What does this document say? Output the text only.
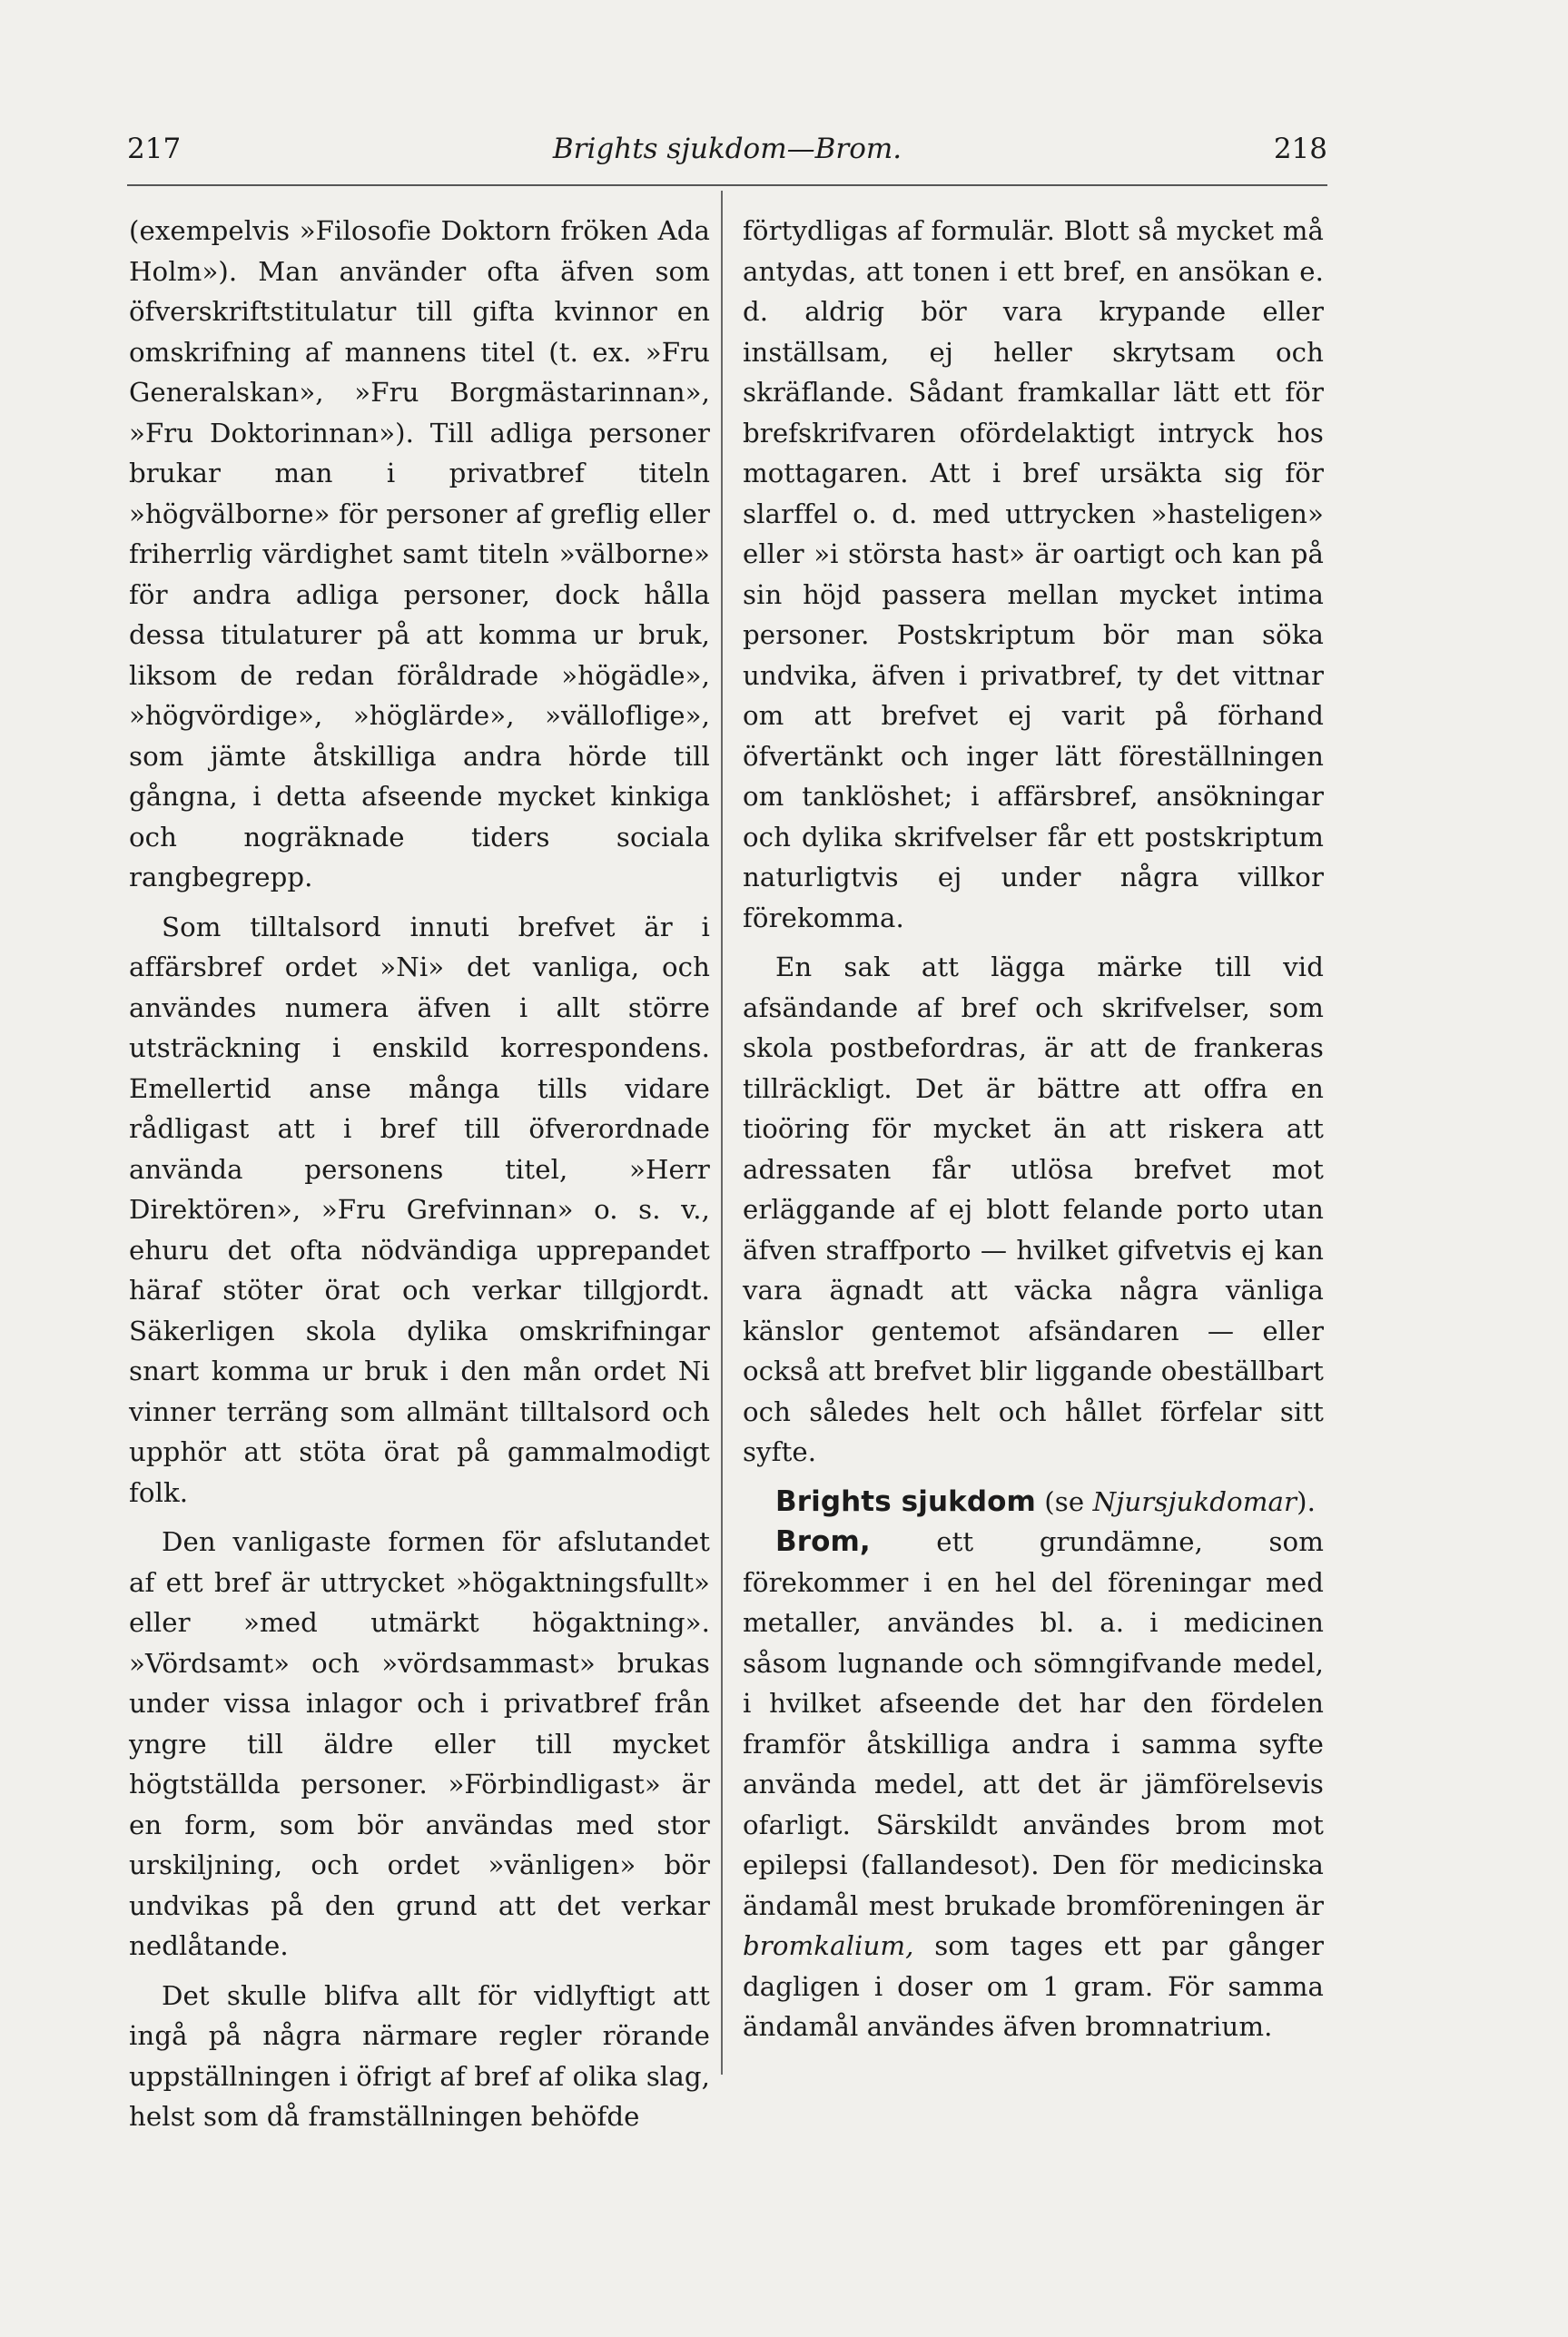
217	Brights sjukdom—Brom.	218

(exempelvis »Filosofie Doktorn fröken Ada Holm»). Man använder ofta äfven som öfverskriftstitulatur till gifta kvinnor en omskrifning af mannens titel (t. ex. »Fru Generalskan», »Fru Borgmästarinnan», »Fru Doktorinnan»). Till adliga personer brukar man i privatbref titeln »högvälborne» för personer af greflig eller friherrlig värdighet samt titeln »välborne» för andra adliga personer, dock hålla dessa titulaturer på att komma ur bruk, liksom de redan föråldrade »högädle», »högvördige», »höglärde», »välloflige», som jämte åtskilliga andra hörde till gångna, i detta afseende mycket kinkiga och nogräknade tiders sociala rangbegrepp.

Som tilltalsord innuti brefvet är i affärsbref ordet »Ni» det vanliga, och användes numera äfven i allt större utsträckning i enskild korrespondens. Emellertid anse många tills vidare rådligast att i bref till öfverordnade använda personens titel, »Herr Direktören», »Fru Grefvinnan» o. s. v., ehuru det ofta nödvändiga upprepandet häraf stöter örat och verkar tillgjordt. Säkerligen skola dylika omskrifningar snart komma ur bruk i den mån ordet Ni vinner terräng som allmänt tilltalsord och upphör att stöta örat på gammalmodigt folk.

Den vanligaste formen för afslutandet af ett bref är uttrycket »högaktningsfullt» eller »med utmärkt högaktning». »Vördsamt» och »vördsammast» brukas under vissa inlagor och i privatbref från yngre till äldre eller till mycket högtställda personer. »Förbindligast» är en form, som bör användas med stor urskiljning, och ordet »vänligen» bör undvikas på den grund att det verkar nedlåtande.

Det skulle blifva allt för vidlyftigt att ingå på några närmare regler rörande uppställningen i öfrigt af bref af olika slag, helst som då framställningen behöfde

förtydligas af formulär. Blott så mycket må antydas, att tonen i ett bref, en ansökan e. d. aldrig bör vara krypande eller inställsam, ej heller skrytsam och skräflande. Sådant framkallar lätt ett för brefskrifvaren ofördelaktigt intryck hos mottagaren. Att i bref ursäkta sig för slarffel o. d. med uttrycken »hasteligen» eller »i största hast» är oartigt och kan på sin höjd passera mellan mycket intima personer. Postskriptum bör man söka undvika, äfven i privatbref, ty det vittnar om att brefvet ej varit på förhand öfvertänkt och inger lätt föreställningen om tanklöshet; i affärsbref, ansökningar och dylika skrifvelser får ett postskriptum naturligtvis ej under några villkor förekomma.

En sak att lägga märke till vid afsändande af bref och skrifvelser, som skola postbefordras, är att de frankeras tillräckligt. Det är bättre att offra en tioöring för mycket än att riskera att adressaten får utlösa brefvet mot erläggande af ej blott felande porto utan äfven straffporto — hvilket gifvetvis ej kan vara ägnadt att väcka några vänliga känslor gentemot afsändaren — eller också att brefvet blir liggande obeställbart och således helt och hållet förfelar sitt syfte.

Brights sjukdom (se Njursjukdomar).

Brom, ett grundämne, som förekommer i en hel del föreningar med metaller, användes bl. a. i medicinen såsom lugnande och sömngifvande medel, i hvilket afseende det har den fördelen framför åtskilliga andra i samma syfte använda medel, att det är jämförelsevis ofarligt. Särskildt användes brom mot epilepsi (fallandesot). Den för medicinska ändamål mest brukade bromföreningen är bromkalium, som tages ett par gånger dagligen i doser om 1 gram. För samma ändamål användes äfven bromnatrium.
